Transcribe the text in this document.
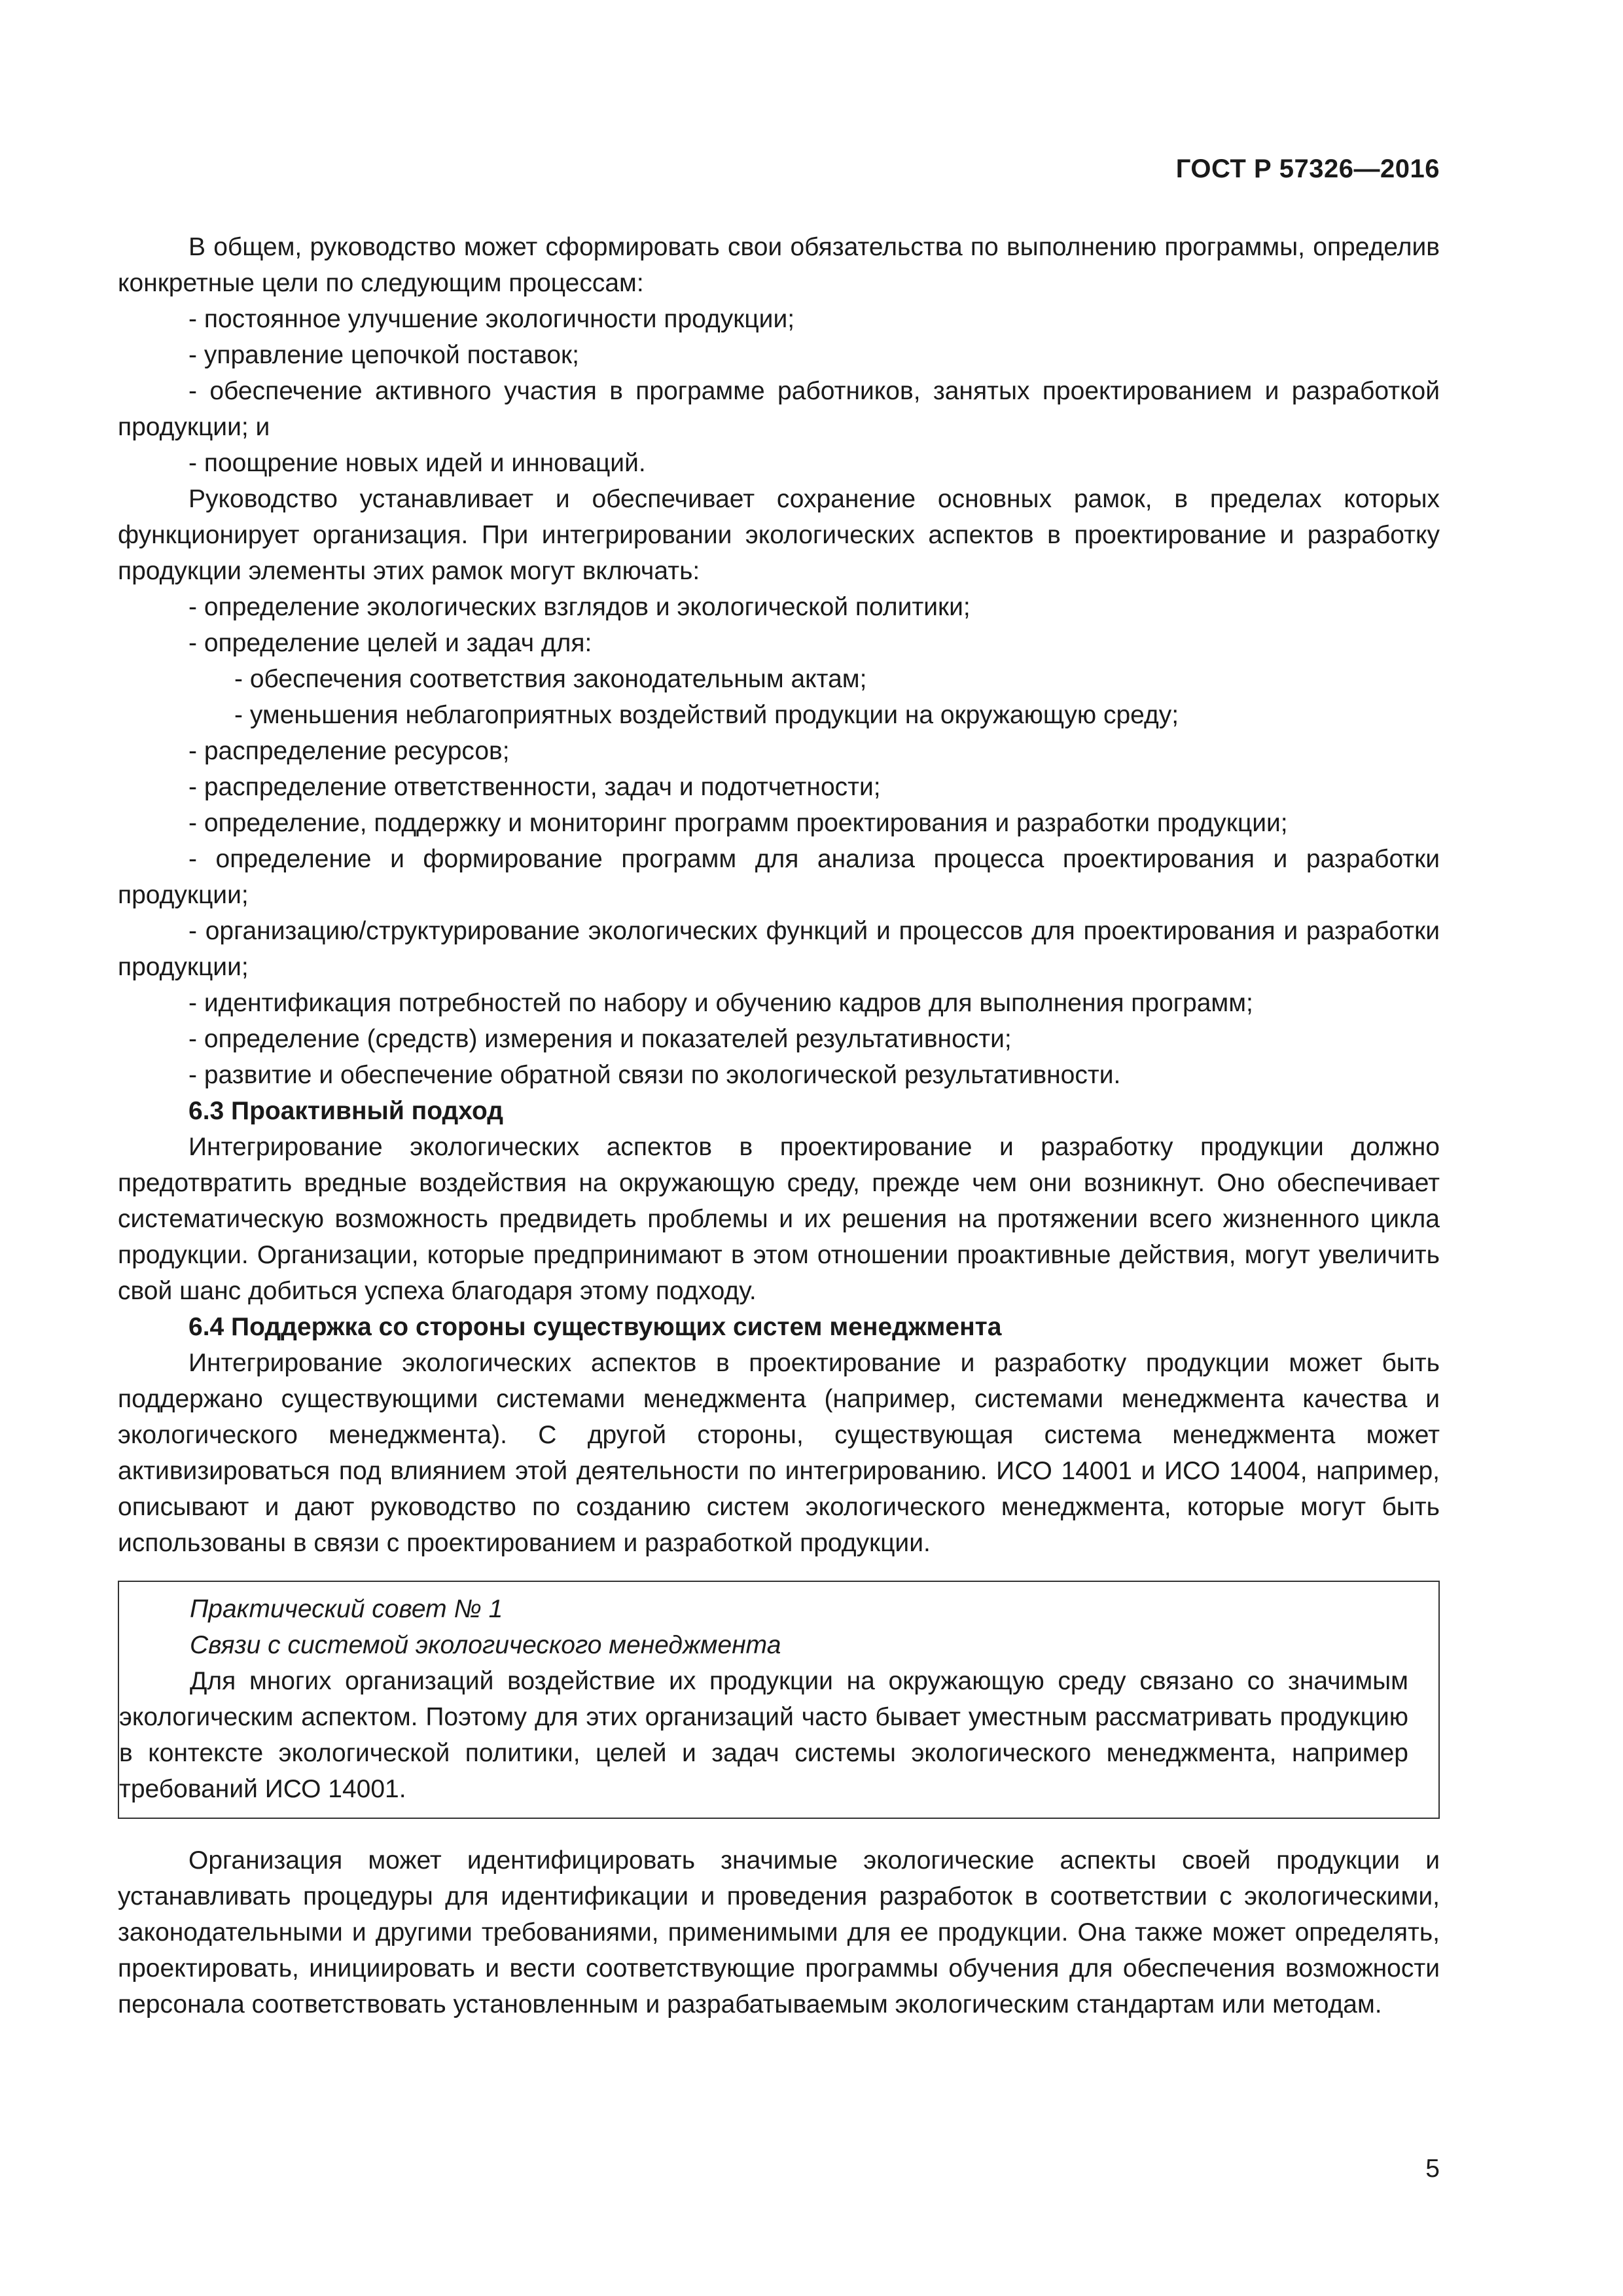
ГОСТ Р 57326—2016

В общем, руководство может сформировать свои обязательства по выполнению программы, определив конкретные цели по следующим процессам:

- постоянное улучшение экологичности продукции;

- управление цепочкой поставок;

- обеспечение активного участия в программе работников, занятых проектированием и разработкой продукции; и

- поощрение новых идей и инноваций.

Руководство устанавливает и обеспечивает сохранение основных рамок, в пределах которых функционирует организация. При интегрировании экологических аспектов в проектирование и разработку продукции элементы этих рамок могут включать:

- определение экологических взглядов и экологической политики;

- определение целей и задач для:

- обеспечения соответствия законодательным актам;

- уменьшения неблагоприятных воздействий продукции на окружающую среду;

- распределение ресурсов;

- распределение ответственности, задач и подотчетности;

- определение, поддержку и мониторинг программ проектирования и разработки продукции;

- определение и формирование программ для анализа процесса проектирования и разработки продукции;

- организацию/структурирование экологических функций и процессов для проектирования и разработки продукции;

- идентификация потребностей по набору и обучению кадров для выполнения программ;

- определение (средств) измерения и показателей результативности;

- развитие и обеспечение обратной связи по экологической результативности.

6.3 Проактивный подход

Интегрирование экологических аспектов в проектирование и разработку продукции должно предотвратить вредные воздействия на окружающую среду, прежде чем они возникнут. Оно обеспечивает систематическую возможность предвидеть проблемы и их решения на протяжении всего жизненного цикла продукции. Организации, которые предпринимают в этом отношении проактивные действия, могут увеличить свой шанс добиться успеха благодаря этому подходу.

6.4 Поддержка со стороны существующих систем менеджмента

Интегрирование экологических аспектов в проектирование и разработку продукции может быть поддержано существующими системами менеджмента (например, системами менеджмента качества и экологического менеджмента). С другой стороны, существующая система менеджмента может активизироваться под влиянием этой деятельности по интегрированию. ИСО 14001 и ИСО 14004, например, описывают и дают руководство по созданию систем экологического менеджмента, которые могут быть использованы в связи с проектированием и разработкой продукции.

Практический совет № 1

Связи с системой экологического менеджмента

Для многих организаций воздействие их продукции на окружающую среду связано со значимым экологическим аспектом. Поэтому для этих организаций часто бывает уместным рассматривать продукцию в контексте экологической политики, целей и задач системы экологического менеджмента, например требований ИСО 14001.

Организация может идентифицировать значимые экологические аспекты своей продукции и устанавливать процедуры для идентификации и проведения разработок в соответствии с экологическими, законодательными и другими требованиями, применимыми для ее продукции. Она также может определять, проектировать, инициировать и вести соответствующие программы обучения для обеспечения возможности персонала соответствовать установленным и разрабатываемым экологическим стандартам или методам.

5
